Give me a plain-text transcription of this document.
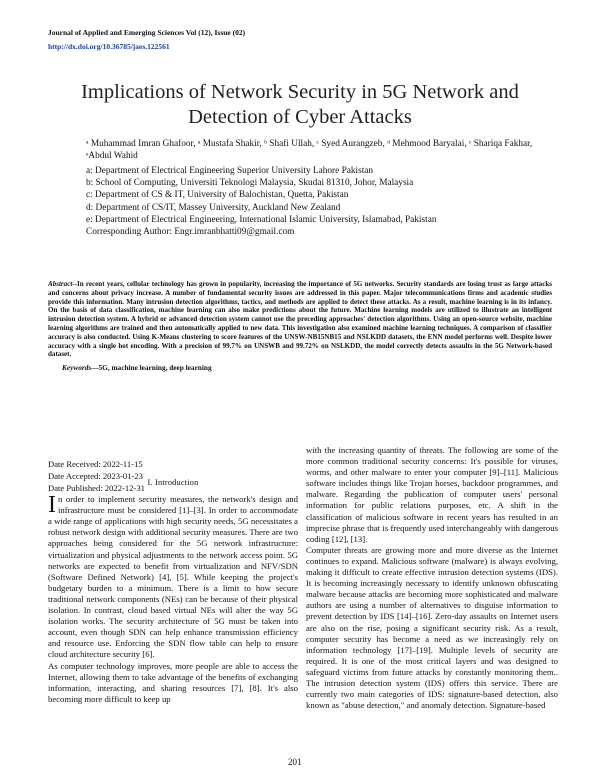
Journal of Applied and Emerging Sciences Vol (12), Issue (02)
http://dx.doi.org/10.36785/jaes.122561
Implications of Network Security in 5G Network and Detection of Cyber Attacks
ᵃ Muhammad Imran Ghafoor, ᵃ Mustafa Shakir, ᵇ Shafi Ullah, ᶜ Syed Aurangzeb, ᵈ Mehmood Baryalai, ᶜ Shariqa Fakhar, ᵉAbdul Wahid
a: Department of Electrical Engineering Superior University Lahore Pakistan
b: School of Computing, Universiti Teknologi Malaysia, Skudai 81310, Johor, Malaysia
c: Department of CS & IT, University of Balochistan, Quetta, Pakistan
d: Department of CS/IT, Massey University, Auckland New Zealand
e: Department of Electrical Engineering, International Islamic University, Islamabad, Pakistan
Corresponding Author: Engr.imranbhatti09@gmail.com
Abstract--In recent years, cellular technology has grown in popularity, increasing the importance of 5G networks. Security standards are losing trust as large attacks and concerns about privacy increase. A number of fundamental security issues are addressed in this paper. Major telecommunications firms and academic studies provide this information. Many intrusion detection algorithms, tactics, and methods are applied to detect these attacks. As a result, machine learning is in its infancy. On the basis of data classification, machine learning can also make predictions about the future. Machine learning models are utilized to illustrate an intelligent intrusion detection system. A hybrid or advanced detection system cannot use the preceding approaches' detection algorithms. Using an open-source website, machine learning algorithms are trained and then automatically applied to new data. This investigation also examined machine learning techniques. A comparison of classifier accuracy is also conducted. Using K-Means clustering to score features of the UNSW-NB15NB15 and NSLKDD datasets, the ENN model performs well. Despite lower accuracy with a single hot encoding. With a precision of 99.7% on UNSWB and 99.72% on NSLKDD, the model correctly detects assaults in the 5G Network-based dataset.
Keywords—5G, machine learning, deep learning
Date Received: 2022-11-15
Date Accepted: 2023-01-23
Date Published: 2022-12-31
I. Introduction

In order to implement security measures, the network's design and infrastructure must be considered [1]–[3]. In order to accommodate a wide range of applications with high security needs, 5G necessitates a robust network design with additional security measures. There are two approaches being considered for the 5G network infrastructure: virtualization and physical adjustments to the network access point. 5G networks are expected to benefit from virtualization and NFV/SDN (Software Defined Network) [4], [5]. While keeping the project's budgetary burden to a minimum. There is a limit to how secure traditional network components (NEs) can be because of their physical isolation. In contrast, cloud based virtual NEs will alter the way 5G isolation works. The security architecture of 5G must be taken into account, even though SDN can help enhance transmission efficiency and resource use. Enforcing the SDN flow table can help to ensure cloud architecture security [6].

As computer technology improves, more people are able to access the Internet, allowing them to take advantage of the benefits of exchanging information, interacting, and sharing resources [7], [8]. It's also becoming more difficult to keep up

with the increasing quantity of threats. The following are some of the more common traditional security concerns: It's possible for viruses, worms, and other malware to enter your computer [9]–[11]. Malicious software includes things like Trojan horses, backdoor programmes, and malware. Regarding the publication of computer users' personal information for public relations purposes, etc. A shift in the classification of malicious software in recent years has resulted in an imprecise phrase that is frequently used interchangeably with dangerous coding [12], [13].

Computer threats are growing more and more diverse as the Internet continues to expand. Malicious software (malware) is always evolving, making it difficult to create effective intrusion detection systems (IDS). It is becoming increasingly necessary to identify unknown obfuscating malware because attacks are becoming more sophisticated and malware authors are using a number of alternatives to disguise information to prevent detection by IDS [14]–[16]. Zero-day assaults on Internet users are also on the rise, posing a significant security risk. As a result, computer security has become a need as we increasingly rely on information technology [17]–[19]. Multiple levels of security are required. It is one of the most critical layers and was designed to safeguard victims from future attacks by constantly monitoring them.. The intrusion detection system (IDS) offers this service. There are currently two main categories of IDS: signature-based detection, also known as "abuse detection," and anomaly detection. Signature-based

201
